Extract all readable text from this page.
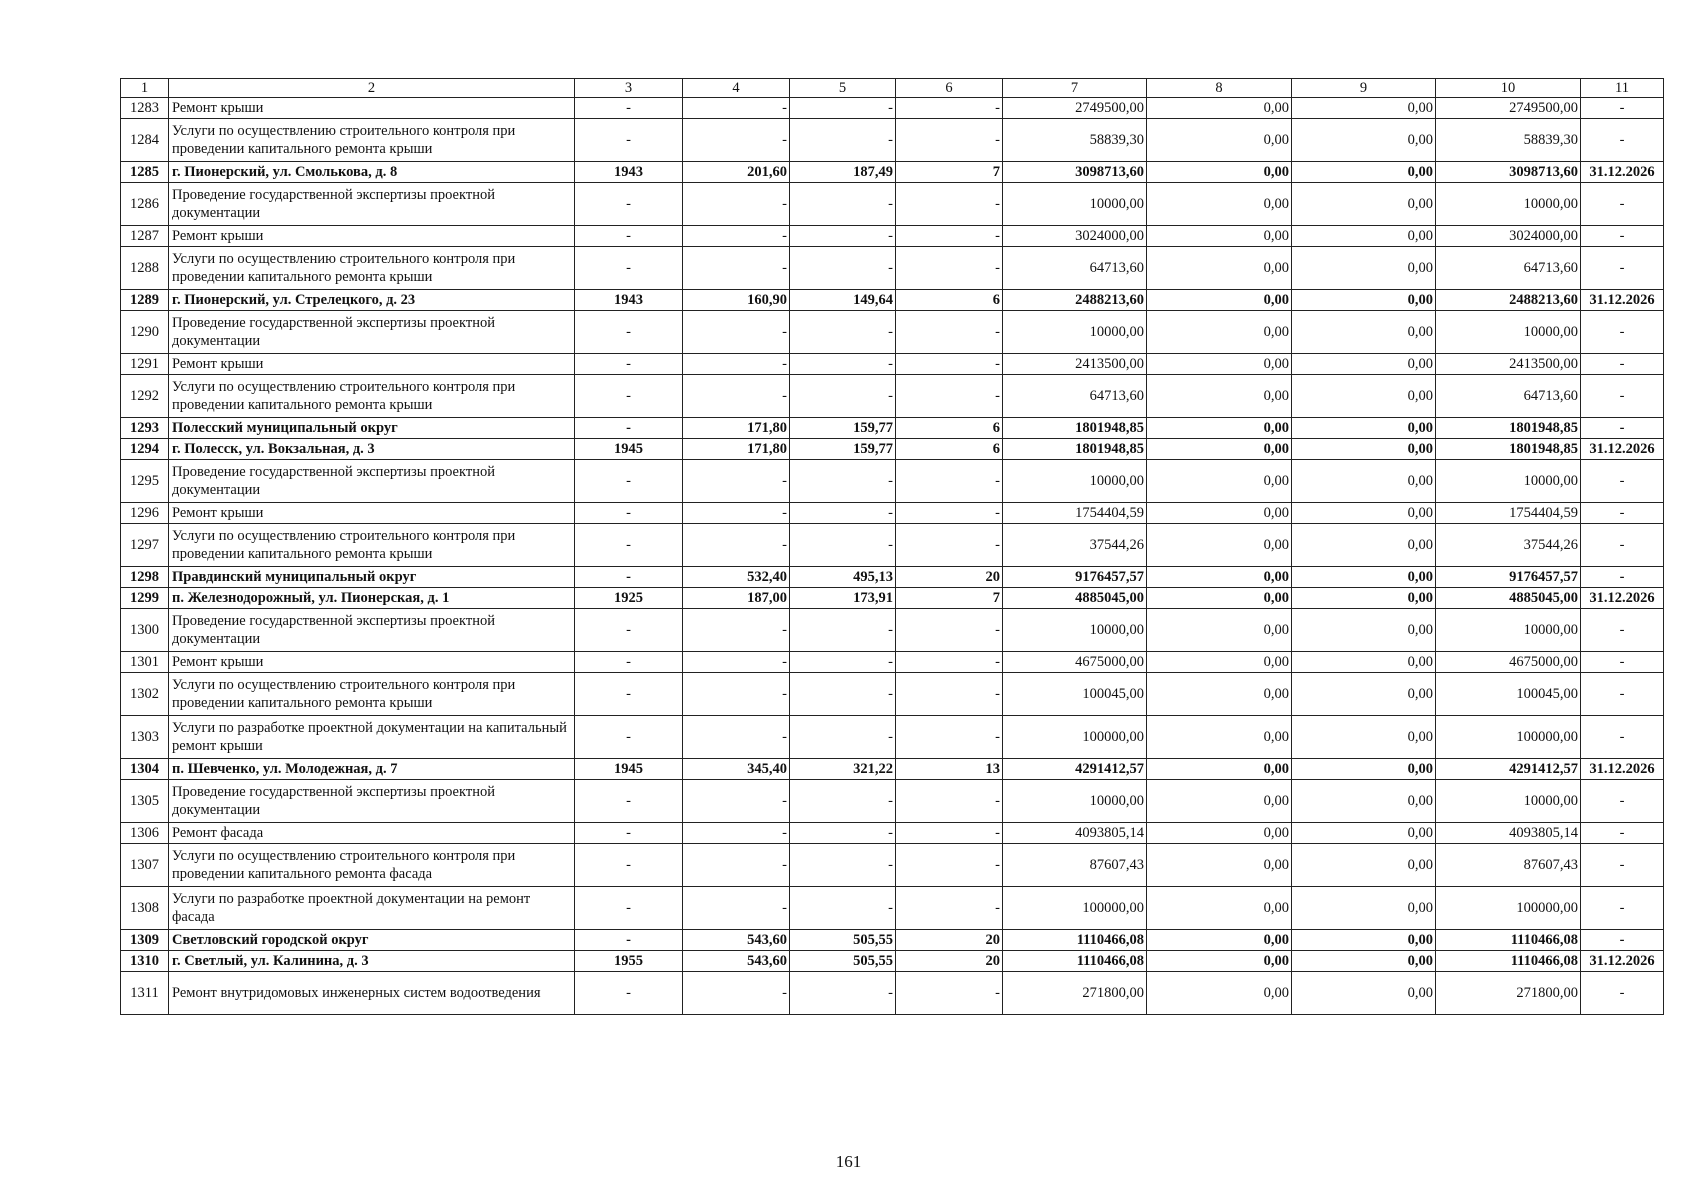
1	2	3	4	5	6	7	8	9	10	11
1283	Ремонт крыши	-	-	-	-	2749500,00	0,00	0,00	2749500,00	-
1284	Услуги по осуществлению строительного контроля при проведении капитального ремонта крыши	-	-	-	-	58839,30	0,00	0,00	58839,30	-
1285	г. Пионерский, ул. Смолькова, д. 8	1943	201,60	187,49	7	3098713,60	0,00	0,00	3098713,60	31.12.2026
1286	Проведение государственной экспертизы проектной документации	-	-	-	-	10000,00	0,00	0,00	10000,00	-
1287	Ремонт крыши	-	-	-	-	3024000,00	0,00	0,00	3024000,00	-
1288	Услуги по осуществлению строительного контроля при проведении капитального ремонта крыши	-	-	-	-	64713,60	0,00	0,00	64713,60	-
1289	г. Пионерский, ул. Стрелецкого, д. 23	1943	160,90	149,64	6	2488213,60	0,00	0,00	2488213,60	31.12.2026
1290	Проведение государственной экспертизы проектной документации	-	-	-	-	10000,00	0,00	0,00	10000,00	-
1291	Ремонт крыши	-	-	-	-	2413500,00	0,00	0,00	2413500,00	-
1292	Услуги по осуществлению строительного контроля при проведении капитального ремонта крыши	-	-	-	-	64713,60	0,00	0,00	64713,60	-
1293	Полесский муниципальный округ	-	171,80	159,77	6	1801948,85	0,00	0,00	1801948,85	-
1294	г. Полесск, ул. Вокзальная, д. 3	1945	171,80	159,77	6	1801948,85	0,00	0,00	1801948,85	31.12.2026
1295	Проведение государственной экспертизы проектной документации	-	-	-	-	10000,00	0,00	0,00	10000,00	-
1296	Ремонт крыши	-	-	-	-	1754404,59	0,00	0,00	1754404,59	-
1297	Услуги по осуществлению строительного контроля при проведении капитального ремонта крыши	-	-	-	-	37544,26	0,00	0,00	37544,26	-
1298	Правдинский муниципальный округ	-	532,40	495,13	20	9176457,57	0,00	0,00	9176457,57	-
1299	п. Железнодорожный, ул. Пионерская, д. 1	1925	187,00	173,91	7	4885045,00	0,00	0,00	4885045,00	31.12.2026
1300	Проведение государственной экспертизы проектной документации	-	-	-	-	10000,00	0,00	0,00	10000,00	-
1301	Ремонт крыши	-	-	-	-	4675000,00	0,00	0,00	4675000,00	-
1302	Услуги по осуществлению строительного контроля при проведении капитального ремонта крыши	-	-	-	-	100045,00	0,00	0,00	100045,00	-
1303	Услуги по разработке проектной документации на капитальный ремонт крыши	-	-	-	-	100000,00	0,00	0,00	100000,00	-
1304	п. Шевченко, ул. Молодежная, д. 7	1945	345,40	321,22	13	4291412,57	0,00	0,00	4291412,57	31.12.2026
1305	Проведение государственной экспертизы проектной документации	-	-	-	-	10000,00	0,00	0,00	10000,00	-
1306	Ремонт фасада	-	-	-	-	4093805,14	0,00	0,00	4093805,14	-
1307	Услуги по осуществлению строительного контроля при проведении капитального ремонта фасада	-	-	-	-	87607,43	0,00	0,00	87607,43	-
1308	Услуги по разработке проектной документации на ремонт фасада	-	-	-	-	100000,00	0,00	0,00	100000,00	-
1309	Светловский городской округ	-	543,60	505,55	20	1110466,08	0,00	0,00	1110466,08	-
1310	г. Светлый, ул. Калинина, д. 3	1955	543,60	505,55	20	1110466,08	0,00	0,00	1110466,08	31.12.2026
1311	Ремонт внутридомовых инженерных систем водоотведения	-	-	-	-	271800,00	0,00	0,00	271800,00	-
161
